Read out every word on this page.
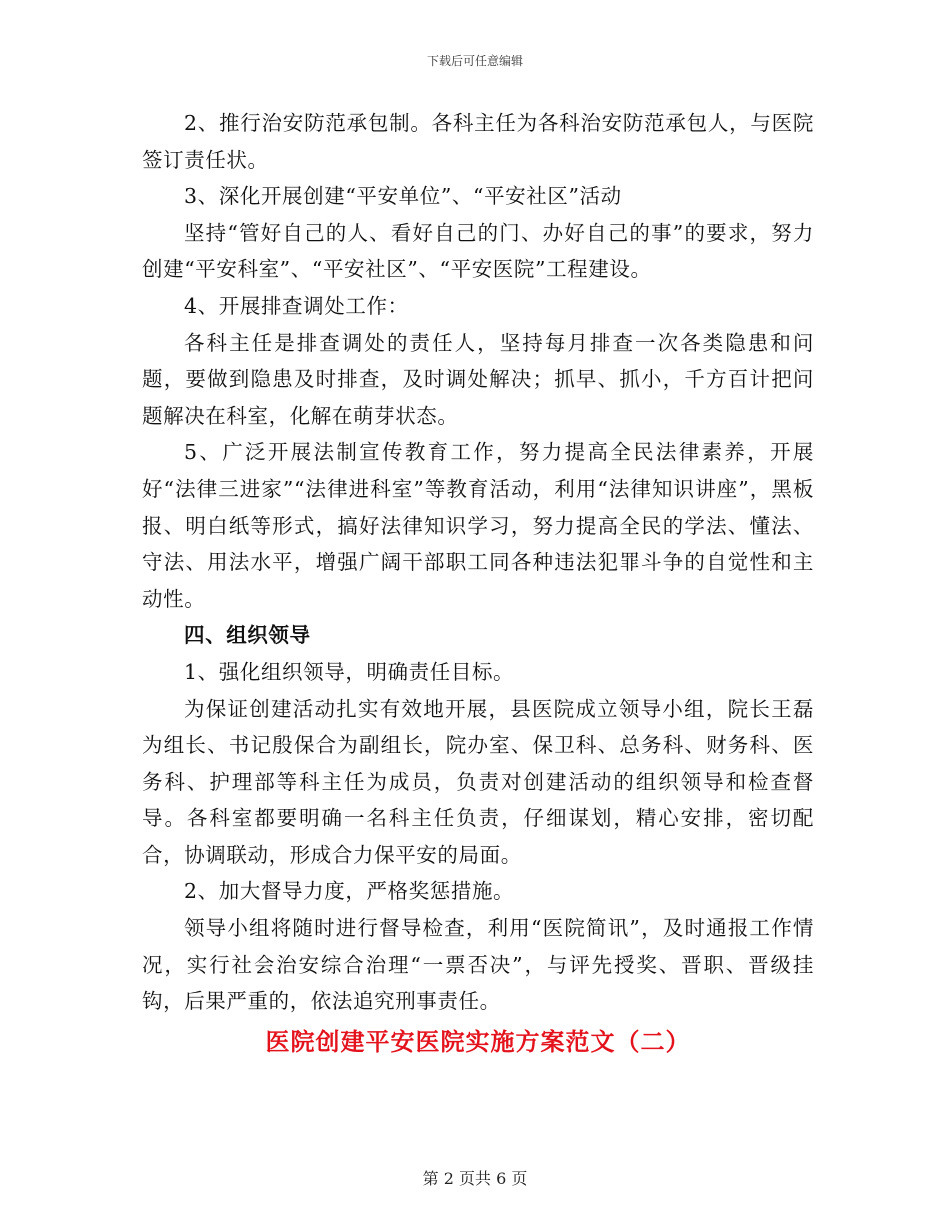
下载后可任意编辑

2、推行治安防范承包制。各科主任为各科治安防范承包人，与医院签订责任状。

3、深化开展创建“平安单位”、“平安社区”活动

坚持“管好自己的人、看好自己的门、办好自己的事”的要求，努力创建“平安科室”、“平安社区”、“平安医院”工程建设。

4、开展排查调处工作：

各科主任是排查调处的责任人，坚持每月排查一次各类隐患和问题，要做到隐患及时排查，及时调处解决；抓早、抓小，千方百计把问题解决在科室，化解在萌芽状态。

5、广泛开展法制宣传教育工作，努力提高全民法律素养，开展好“法律三进家”“法律进科室”等教育活动，利用“法律知识讲座”，黑板报、明白纸等形式，搞好法律知识学习，努力提高全民的学法、懂法、守法、用法水平，增强广阔干部职工同各种违法犯罪斗争的自觉性和主动性。

四、组织领导

1、强化组织领导，明确责任目标。

为保证创建活动扎实有效地开展，县医院成立领导小组，院长王磊为组长、书记殷保合为副组长，院办室、保卫科、总务科、财务科、医务科、护理部等科主任为成员，负责对创建活动的组织领导和检查督导。各科室都要明确一名科主任负责，仔细谋划，精心安排，密切配合，协调联动，形成合力保平安的局面。

2、加大督导力度，严格奖惩措施。

领导小组将随时进行督导检查，利用“医院简讯”，及时通报工作情况，实行社会治安综合治理“一票否决”，与评先授奖、晋职、晋级挂钩，后果严重的，依法追究刑事责任。

医院创建平安医院实施方案范文（二）
第 2 页共 6 页
